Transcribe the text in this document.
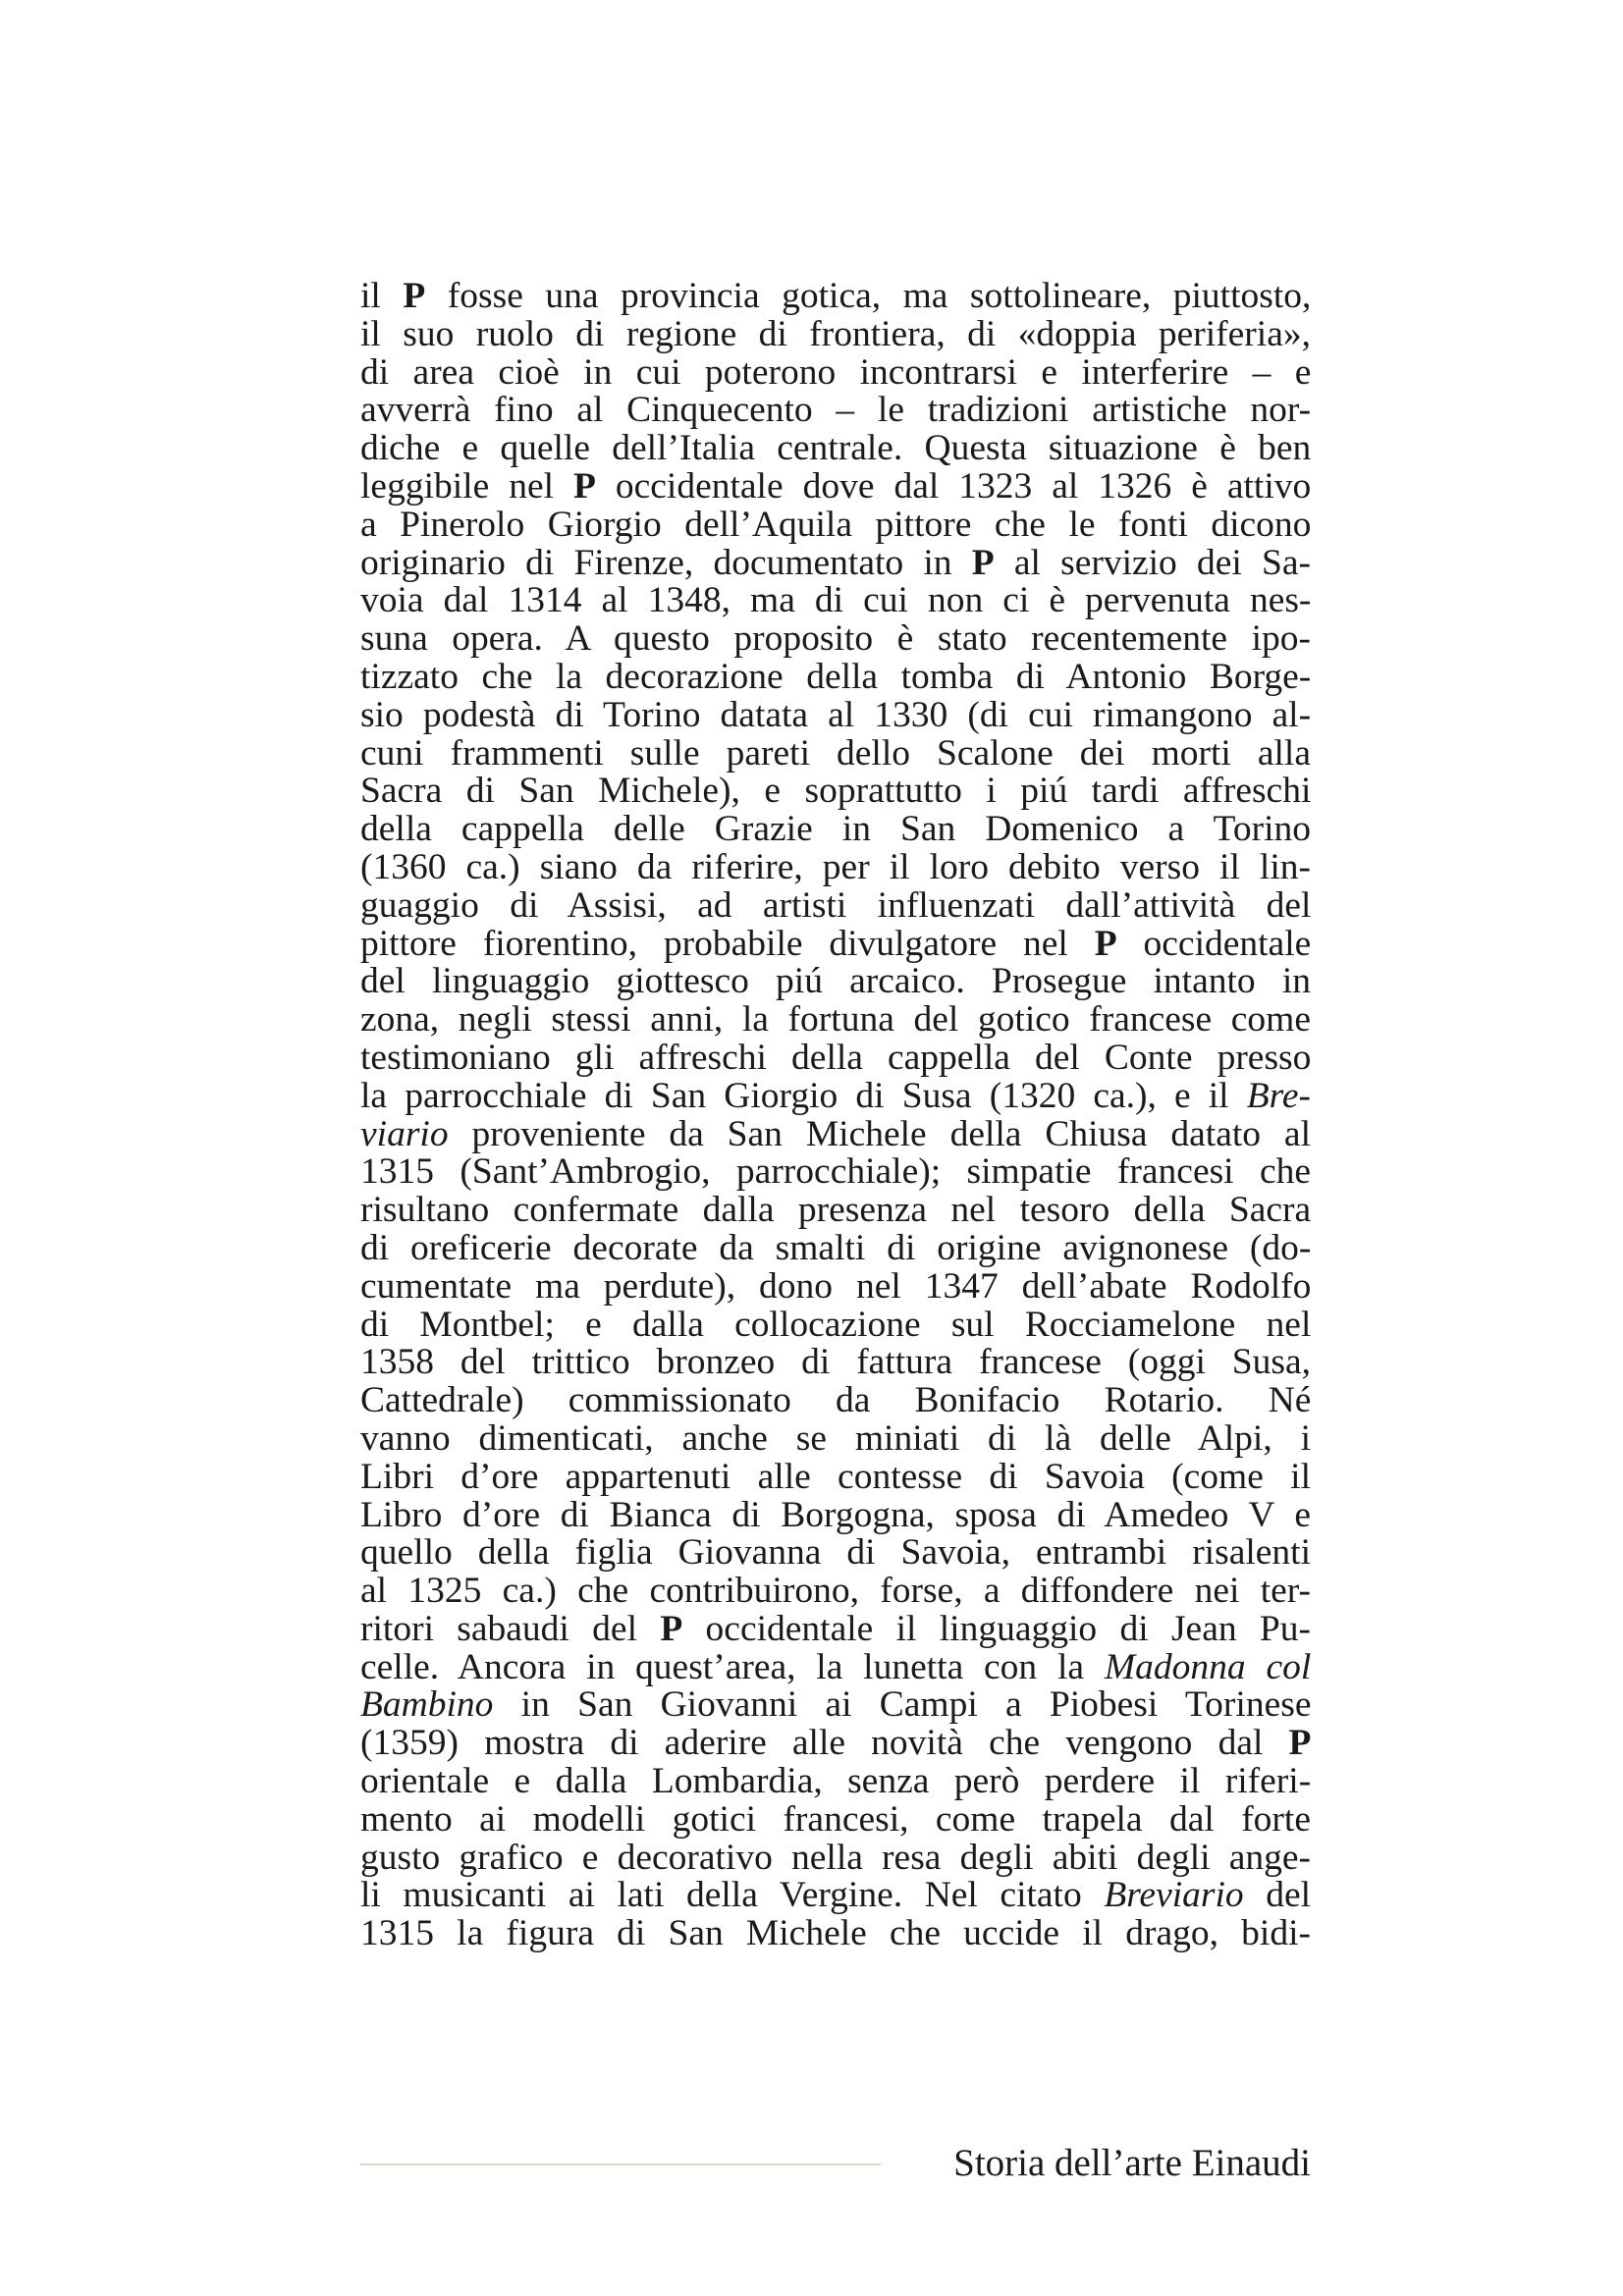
il P fosse una provincia gotica, ma sottolineare, piuttosto,
il suo ruolo di regione di frontiera, di «doppia periferia»,
di area cioè in cui poterono incontrarsi e interferire – e
avverrà fino al Cinquecento – le tradizioni artistiche nor-
diche e quelle dell’Italia centrale. Questa situazione è ben
leggibile nel P occidentale dove dal 1323 al 1326 è attivo
a Pinerolo Giorgio dell’Aquila pittore che le fonti dicono
originario di Firenze, documentato in P al servizio dei Sa-
voia dal 1314 al 1348, ma di cui non ci è pervenuta nes-
suna opera. A questo proposito è stato recentemente ipo-
tizzato che la decorazione della tomba di Antonio Borge-
sio podestà di Torino datata al 1330 (di cui rimangono al-
cuni frammenti sulle pareti dello Scalone dei morti alla
Sacra di San Michele), e soprattutto i piú tardi affreschi
della cappella delle Grazie in San Domenico a Torino
(1360 ca.) siano da riferire, per il loro debito verso il lin-
guaggio di Assisi, ad artisti influenzati dall’attività del
pittore fiorentino, probabile divulgatore nel P occidentale
del linguaggio giottesco piú arcaico. Prosegue intanto in
zona, negli stessi anni, la fortuna del gotico francese come
testimoniano gli affreschi della cappella del Conte presso
la parrocchiale di San Giorgio di Susa (1320 ca.), e il Bre-
viario proveniente da San Michele della Chiusa datato al
1315 (Sant’Ambrogio, parrocchiale); simpatie francesi che
risultano confermate dalla presenza nel tesoro della Sacra
di oreficerie decorate da smalti di origine avignonese (do-
cumentate ma perdute), dono nel 1347 dell’abate Rodolfo
di Montbel; e dalla collocazione sul Rocciamelone nel
1358 del trittico bronzeo di fattura francese (oggi Susa,
Cattedrale) commissionato da Bonifacio Rotario. Né
vanno dimenticati, anche se miniati di là delle Alpi, i
Libri d’ore appartenuti alle contesse di Savoia (come il
Libro d’ore di Bianca di Borgogna, sposa di Amedeo V e
quello della figlia Giovanna di Savoia, entrambi risalenti
al 1325 ca.) che contribuirono, forse, a diffondere nei ter-
ritori sabaudi del P occidentale il linguaggio di Jean Pu-
celle. Ancora in quest’area, la lunetta con la Madonna col
Bambino in San Giovanni ai Campi a Piobesi Torinese
(1359) mostra di aderire alle novità che vengono dal P
orientale e dalla Lombardia, senza però perdere il riferi-
mento ai modelli gotici francesi, come trapela dal forte
gusto grafico e decorativo nella resa degli abiti degli ange-
li musicanti ai lati della Vergine. Nel citato Breviario del
1315 la figura di San Michele che uccide il drago, bidi-
Storia dell’arte Einaudi
